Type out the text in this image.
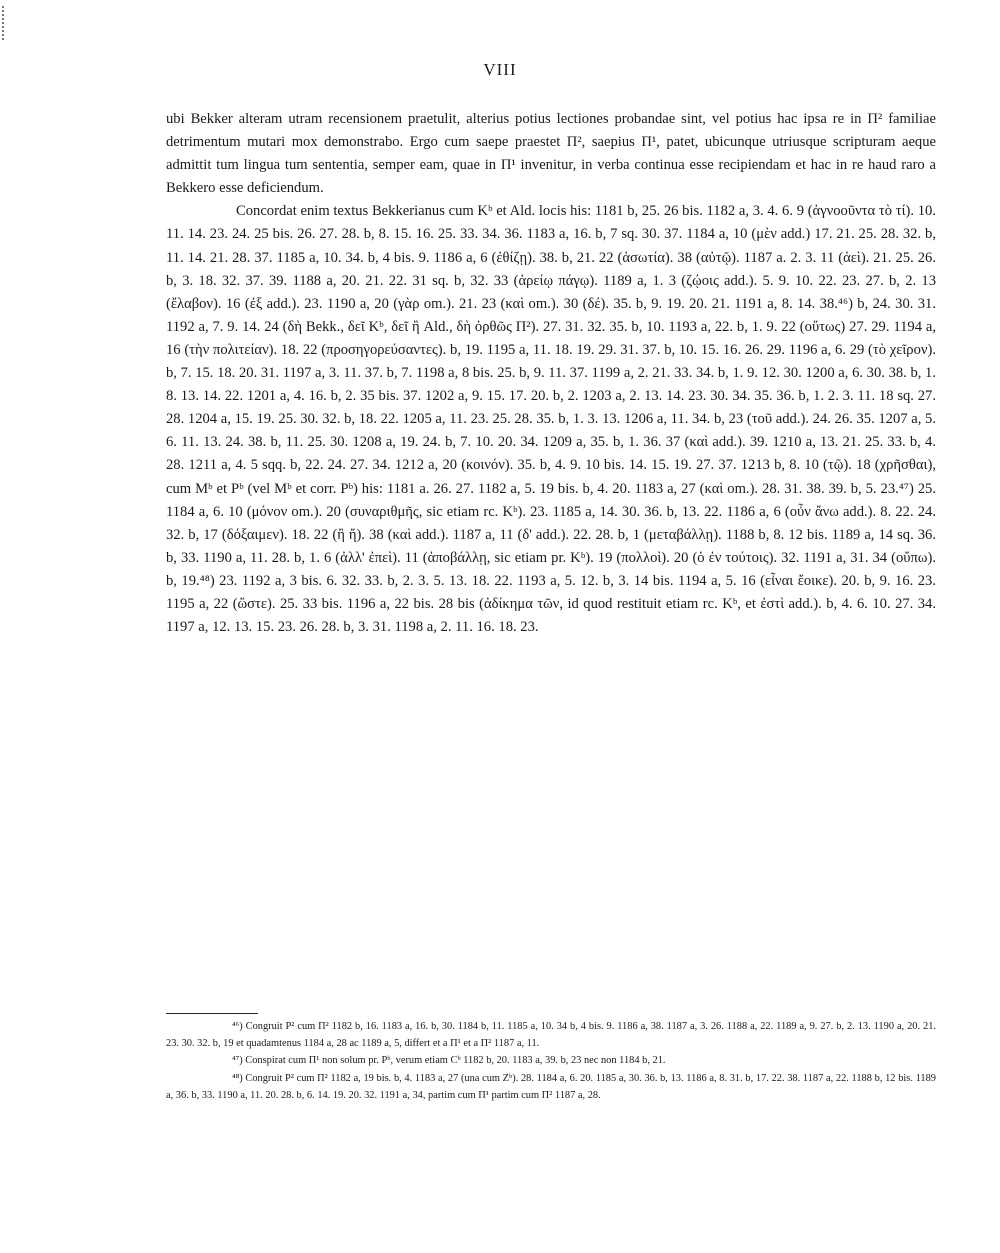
VIII

ubi Bekker alteram utram recensionem praetulit, alterius potius lectiones probandae sint, vel potius hac ipsa re in Π² familiae detrimentum mutari mox demonstrabo. Ergo cum saepe praestet Π², saepius Π¹, patet, ubicunque utriusque scripturam aeque admittit tum lingua tum sententia, semper eam, quae in Π¹ invenitur, in verba continua esse recipiendam et hac in re haud raro a Bekkero esse deficiendum.

Concordat enim textus Bekkerianus cum Kᵇ et Ald. locis his: 1181 b, 25. 26 bis. 1182 a, 3. 4. 6. 9 (ἀγνοοῦντα τὸ τί). 10. 11. 14. 23. 24. 25 bis. 26. 27. 28. b, 8. 15. 16. 25. 33. 34. 36. 1183 a, 16. b, 7 sq. 30. 37. 1184 a, 10 (μὲν add.) 17. 21. 25. 28. 32. b, 11. 14. 21. 28. 37. 1185 a, 10. 34. b, 4 bis. 9. 1186 a, 6 (ἐθίζῃ). 38. b, 21. 22 (ἀσωτία). 38 (αὐτῷ). 1187 a. 2. 3. 11 (ἀεὶ). 21. 25. 26. b, 3. 18. 32. 37. 39. 1188 a, 20. 21. 22. 31 sq. b, 32. 33 (ἀρείῳ πάγῳ). 1189 a, 1. 3 (ζῴοις add.). 5. 9. 10. 22. 23. 27. b, 2. 13 (ἔλαβον). 16 (ἐξ add.). 23. 1190 a, 20 (γὰρ om.). 21. 23 (καὶ om.). 30 (δέ). 35. b, 9. 19. 20. 21. 1191 a, 8. 14. 38.⁴⁶) b, 24. 30. 31. 1192 a, 7. 9. 14. 24 (δὴ Bekk., δεῖ Kᵇ, δεῖ ἢ Ald., δὴ ὀρθῶς Π²). 27. 31. 32. 35. b, 10. 1193 a, 22. b, 1. 9. 22 (οὕτως) 27. 29. 1194 a, 16 (τὴν πολιτείαν). 18. 22 (προσηγορεύσαντες). b, 19. 1195 a, 11. 18. 19. 29. 31. 37. b, 10. 15. 16. 26. 29. 1196 a, 6. 29 (τὸ χεῖρον). b, 7. 15. 18. 20. 31. 1197 a, 3. 11. 37. b, 7. 1198 a, 8 bis. 25. b, 9. 11. 37. 1199 a, 2. 21. 33. 34. b, 1. 9. 12. 30. 1200 a, 6. 30. 38. b, 1. 8. 13. 14. 22. 1201 a, 4. 16. b, 2. 35 bis. 37. 1202 a, 9. 15. 17. 20. b, 2. 1203 a, 2. 13. 14. 23. 30. 34. 35. 36. b, 1. 2. 3. 11. 18 sq. 27. 28. 1204 a, 15. 19. 25. 30. 32. b, 18. 22. 1205 a, 11. 23. 25. 28. 35. b, 1. 3. 13. 1206 a, 11. 34. b, 23 (τοῦ add.). 24. 26. 35. 1207 a, 5. 6. 11. 13. 24. 38. b, 11. 25. 30. 1208 a, 19. 24. b, 7. 10. 20. 34. 1209 a, 35. b, 1. 36. 37 (καὶ add.). 39. 1210 a, 13. 21. 25. 33. b, 4. 28. 1211 a, 4. 5 sqq. b, 22. 24. 27. 34. 1212 a, 20 (κοινόν). 35. b, 4. 9. 10 bis. 14. 15. 19. 27. 37. 1213 b, 8. 10 (τῷ). 18 (χρῆσθαι), cum Mᵇ et Pᵇ (vel Mᵇ et corr. Pᵇ) his: 1181 a. 26. 27. 1182 a, 5. 19 bis. b, 4. 20. 1183 a, 27 (καὶ om.). 28. 31. 38. 39. b, 5. 23.⁴⁷) 25. 1184 a, 6. 10 (μόνον om.). 20 (συναριθμῆς, sic etiam rc. Kᵇ). 23. 1185 a, 14. 30. 36. b, 13. 22. 1186 a, 6 (οὖν ἄνω add.). 8. 22. 24. 32. b, 17 (δόξαιμεν). 18. 22 (ἢ ἤ). 38 (καὶ add.). 1187 a, 11 (δ' add.). 22. 28. b, 1 (μεταβάλλῃ). 1188 b, 8. 12 bis. 1189 a, 14 sq. 36. b, 33. 1190 a, 11. 28. b, 1. 6 (ἀλλ' ἐπεὶ). 11 (ἀποβάλλῃ, sic etiam pr. Kᵇ). 19 (πολλοὶ). 20 (ὁ ἐν τούτοις). 32. 1191 a, 31. 34 (οὔπω). b, 19.⁴⁸) 23. 1192 a, 3 bis. 6. 32. 33. b, 2. 3. 5. 13. 18. 22. 1193 a, 5. 12. b, 3. 14 bis. 1194 a, 5. 16 (εἶναι ἔοικε). 20. b, 9. 16. 23. 1195 a, 22 (ὥστε). 25. 33 bis. 1196 a, 22 bis. 28 bis (ἀδίκημα τῶν, id quod restituit etiam rc. Kᵇ, et ἐστὶ add.). b, 4. 6. 10. 27. 34. 1197 a, 12. 13. 15. 23. 26. 28. b, 3. 31. 1198 a, 2. 11. 16. 18. 23.

⁴⁶) Congruit P² cum Π² 1182 b, 16. 1183 a, 16. b, 30. 1184 b, 11. 1185 a, 10. 34 b, 4 bis. 9. 1186 a, 38. 1187 a, 3. 26. 1188 a, 22. 1189 a, 9. 27. b, 2. 13. 1190 a, 20. 21. 23. 30. 32. b, 19 et quadamtenus 1184 a, 28 ac 1189 a, 5, differt et a Π¹ et a Π² 1187 a, 11.

⁴⁷) Conspirat cum Π¹ non solum pr. Pᵇ, verum etiam Cᵇ 1182 b, 20. 1183 a, 39. b, 23 nec non 1184 b, 21.

⁴⁸) Congruit P² cum Π² 1182 a, 19 bis. b, 4. 1183 a, 27 (una cum Zᵇ). 28. 1184 a, 6. 20. 1185 a, 30. 36. b, 13. 1186 a, 8. 31. b, 17. 22. 38. 1187 a, 22. 1188 b, 12 bis. 1189 a, 36. b, 33. 1190 a, 11. 20. 28. b, 6. 14. 19. 20. 32. 1191 a, 34, partim cum Π¹ partim cum Π² 1187 a, 28.
